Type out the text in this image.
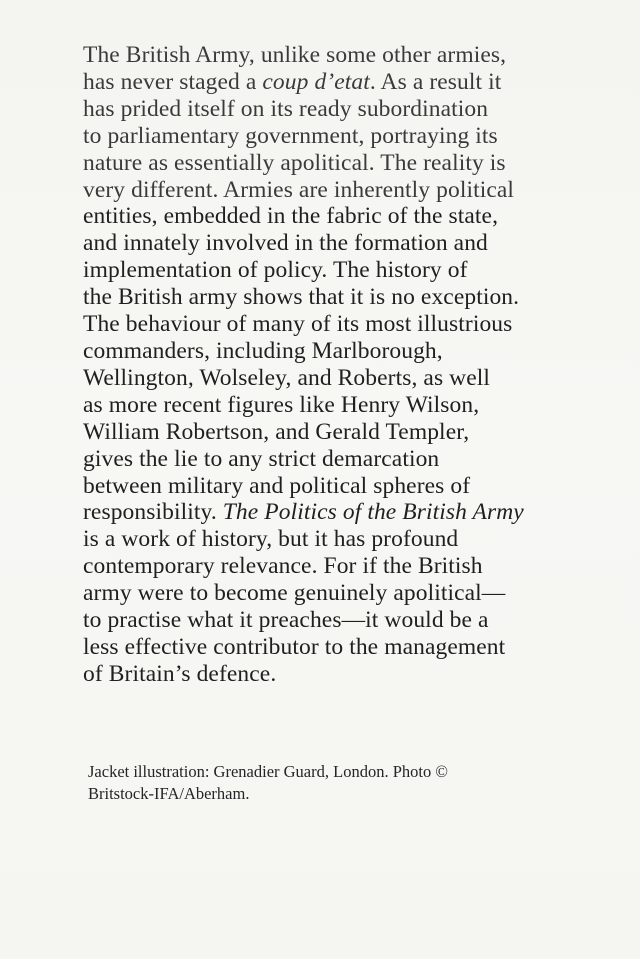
The British Army, unlike some other armies,
has never staged a coup d’etat. As a result it
has prided itself on its ready subordination
to parliamentary government, portraying its
nature as essentially apolitical. The reality is
very different. Armies are inherently political
entities, embedded in the fabric of the state,
and innately involved in the formation and
implementation of policy. The history of
the British army shows that it is no exception.
The behaviour of many of its most illustrious
commanders, including Marlborough,
Wellington, Wolseley, and Roberts, as well
as more recent figures like Henry Wilson,
William Robertson, and Gerald Templer,
gives the lie to any strict demarcation
between military and political spheres of
responsibility. The Politics of the British Army
is a work of history, but it has profound
contemporary relevance. For if the British
army were to become genuinely apolitical—
to practise what it preaches—it would be a
less effective contributor to the management
of Britain’s defence.
Jacket illustration: Grenadier Guard, London. Photo ©
Britstock-IFA/Aberham.
